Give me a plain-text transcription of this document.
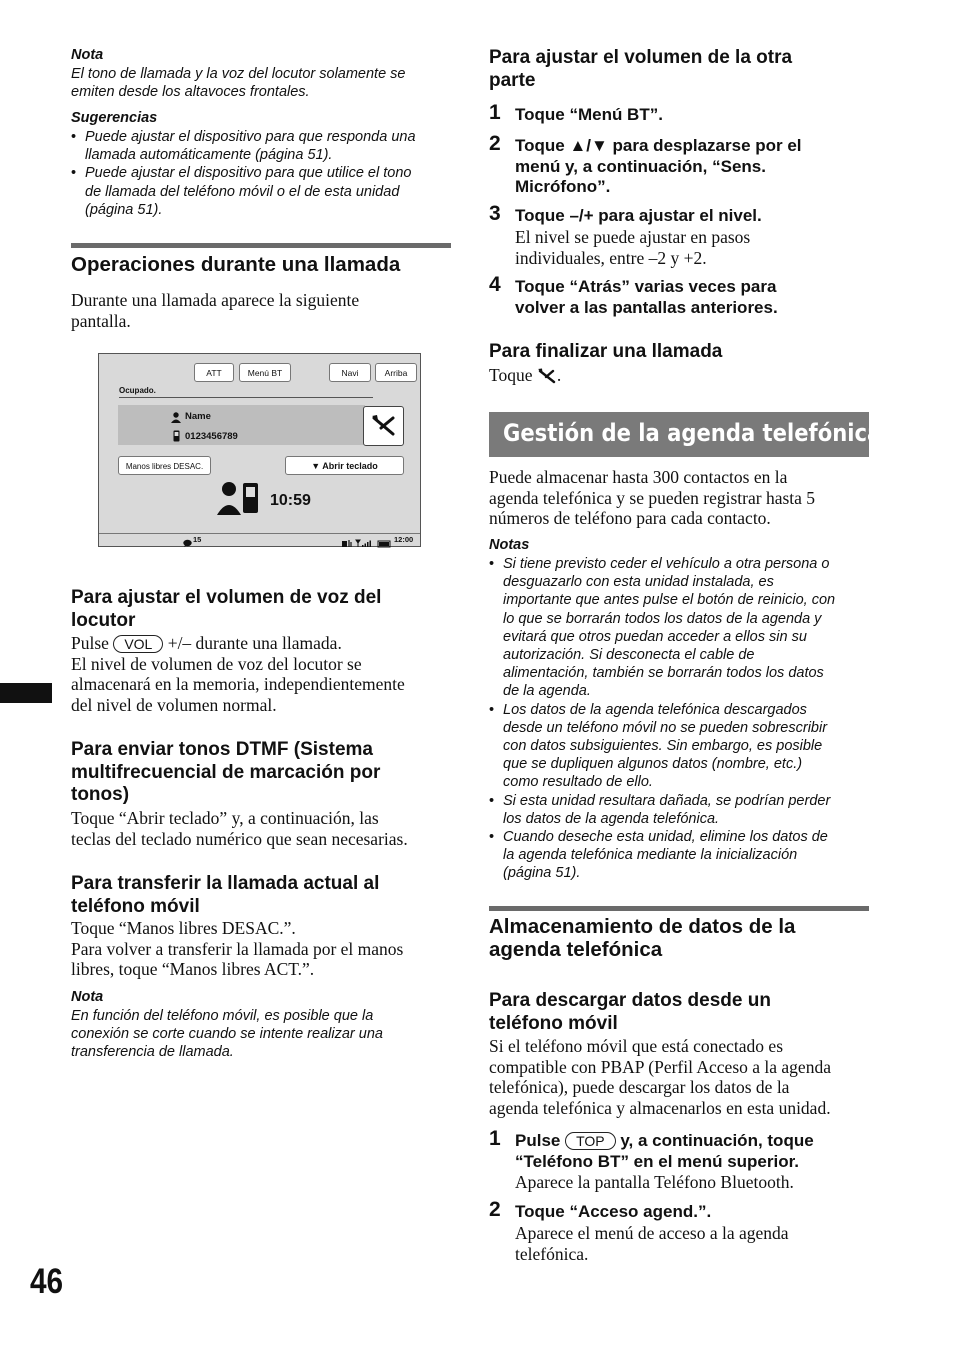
Nota
El tono de llamada y la voz del locutor solamente se
emiten desde los altavoces frontales.
Sugerencias
• Puede ajustar el dispositivo para que responda una
llamada automáticamente (página 51).
• Puede ajustar el dispositivo para que utilice el tono
de llamada del teléfono móvil o el de esta unidad
(página 51).
Operaciones durante una llamada
Durante una llamada aparece la siguiente
pantalla.
ATT	Menú BT	Navi	Arriba
Ocupado.
Name
0123456789
Manos libres DESAC.	▼ Abrir teclado
10:59
15	12:00
Para ajustar el volumen de voz del
locutor
Pulse VOL +/– durante una llamada.
El nivel de volumen de voz del locutor se
almacenará en la memoria, independientemente
del nivel de volumen normal.
Para enviar tonos DTMF (Sistema
multifrecuencial de marcación por
tonos)
Toque “Abrir teclado” y, a continuación, las
teclas del teclado numérico que sean necesarias.
Para transferir la llamada actual al
teléfono móvil
Toque “Manos libres DESAC.”.
Para volver a transferir la llamada por el manos
libres, toque “Manos libres ACT.”.
Nota
En función del teléfono móvil, es posible que la
conexión se corte cuando se intente realizar una
transferencia de llamada.
46
Para ajustar el volumen de la otra
parte
1 Toque “Menú BT”.
2 Toque ▲/▼ para desplazarse por el
menú y, a continuación, “Sens.
Micrófono”.
3 Toque –/+ para ajustar el nivel.
El nivel se puede ajustar en pasos
individuales, entre –2 y +2.
4 Toque “Atrás” varias veces para
volver a las pantallas anteriores.
Para finalizar una llamada
Toque .
Gestión de la agenda telefónica
Puede almacenar hasta 300 contactos en la
agenda telefónica y se pueden registrar hasta 5
números de teléfono para cada contacto.
Notas
• Si tiene previsto ceder el vehículo a otra persona o
desguazarlo con esta unidad instalada, es
importante que antes pulse el botón de reinicio, con
lo que se borrarán todos los datos de la agenda y
evitará que otros puedan acceder a ellos sin su
autorización. Si desconecta el cable de
alimentación, también se borrarán todos los datos
de la agenda.
• Los datos de la agenda telefónica descargados
desde un teléfono móvil no se pueden sobrescribir
con datos subsiguientes. Sin embargo, es posible
que se dupliquen algunos datos (nombre, etc.)
como resultado de ello.
• Si esta unidad resultara dañada, se podrían perder
los datos de la agenda telefónica.
• Cuando deseche esta unidad, elimine los datos de
la agenda telefónica mediante la inicialización
(página 51).
Almacenamiento de datos de la
agenda telefónica
Para descargar datos desde un
teléfono móvil
Si el teléfono móvil que está conectado es
compatible con PBAP (Perfil Acceso a la agenda
telefónica), puede descargar los datos de la
agenda telefónica y almacenarlos en esta unidad.
1 Pulse TOP y, a continuación, toque
“Teléfono BT” en el menú superior.
Aparece la pantalla Teléfono Bluetooth.
2 Toque “Acceso agend.”.
Aparece el menú de acceso a la agenda
telefónica.
